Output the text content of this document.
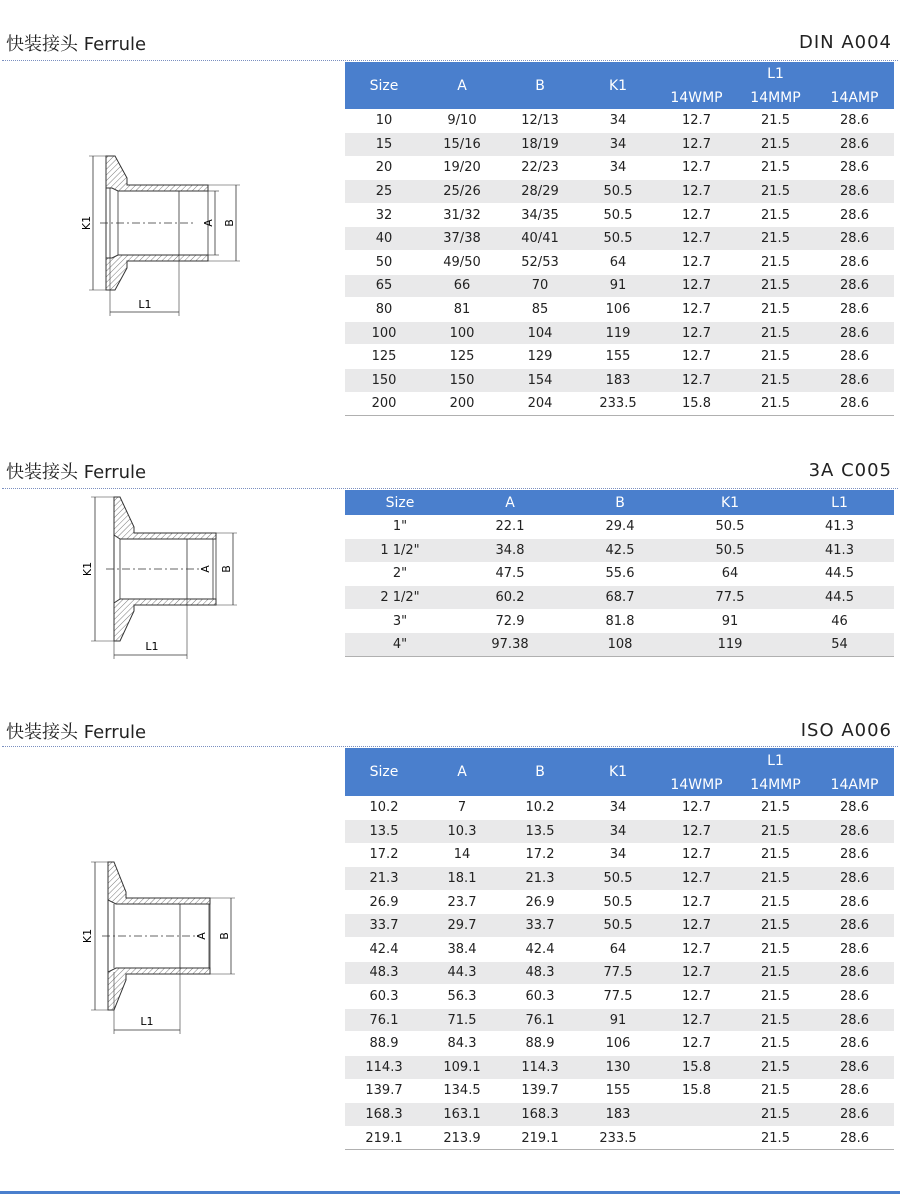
快装接头 Ferrule	DIN A004
K1	A B
L1
Size	A	B	K1	L1		
				14WMP	14MMP	14AMP
10	9/10	12/13	34	12.7	21.5	28.6
15	15/16	18/19	34	12.7	21.5	28.6
20	19/20	22/23	34	12.7	21.5	28.6
25	25/26	28/29	50.5	12.7	21.5	28.6
32	31/32	34/35	50.5	12.7	21.5	28.6
40	37/38	40/41	50.5	12.7	21.5	28.6
50	49/50	52/53	64	12.7	21.5	28.6
65	66	70	91	12.7	21.5	28.6
80	81	85	106	12.7	21.5	28.6
100	100	104	119	12.7	21.5	28.6
125	125	129	155	12.7	21.5	28.6
150	150	154	183	12.7	21.5	28.6
200	200	204	233.5	15.8	21.5	28.6
快装接头 Ferrule	3A C005
K1	A B
L1
Size	A	B	K1	L1
1"	22.1	29.4	50.5	41.3
1 1/2"	34.8	42.5	50.5	41.3
2"	47.5	55.6	64	44.5
2 1/2"	60.2	68.7	77.5	44.5
3"	72.9	81.8	91	46
4"	97.38	108	119	54
快装接头 Ferrule	ISO A006
K1	A B
L1
Size	A	B	K1	L1		
				14WMP	14MMP	14AMP
10.2	7	10.2	34	12.7	21.5	28.6
13.5	10.3	13.5	34	12.7	21.5	28.6
17.2	14	17.2	34	12.7	21.5	28.6
21.3	18.1	21.3	50.5	12.7	21.5	28.6
26.9	23.7	26.9	50.5	12.7	21.5	28.6
33.7	29.7	33.7	50.5	12.7	21.5	28.6
42.4	38.4	42.4	64	12.7	21.5	28.6
48.3	44.3	48.3	77.5	12.7	21.5	28.6
60.3	56.3	60.3	77.5	12.7	21.5	28.6
76.1	71.5	76.1	91	12.7	21.5	28.6
88.9	84.3	88.9	106	12.7	21.5	28.6
114.3	109.1	114.3	130	15.8	21.5	28.6
139.7	134.5	139.7	155	15.8	21.5	28.6
168.3	163.1	168.3	183		21.5	28.6
219.1	213.9	219.1	233.5		21.5	28.6
